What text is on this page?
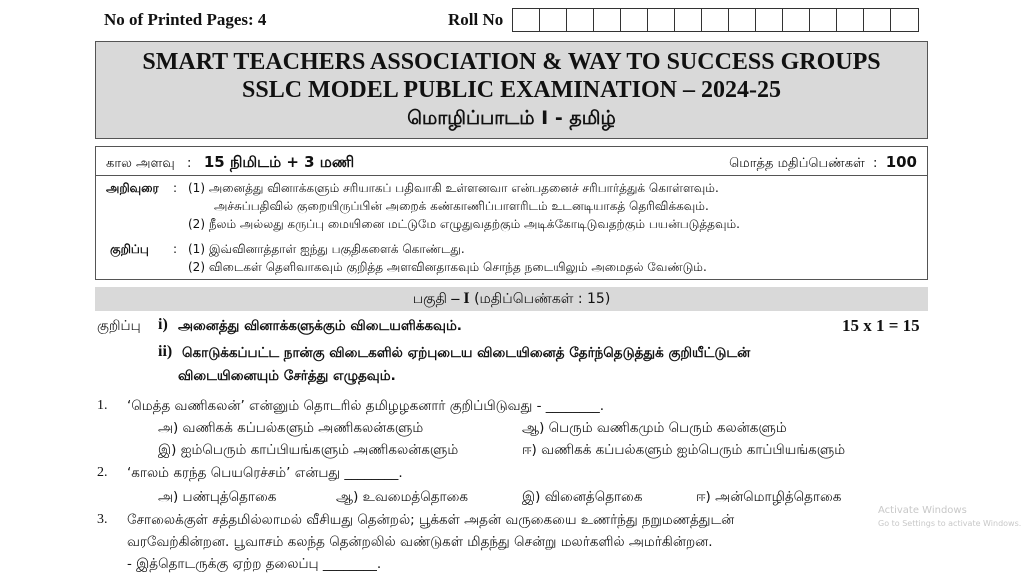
No of Printed Pages: 4	Roll No
SMART TEACHERS ASSOCIATION & WAY TO SUCCESS GROUPS
SSLC MODEL PUBLIC EXAMINATION – 2024-25
மொழிப்பாடம் I - தமிழ்
கால அளவு   :   15 நிமிடம் + 3 மணி	மொத்த மதிப்பெண்கள்  :  100
அறிவுரை : (1) அனைத்து வினாக்களும் சரியாகப் பதிவாகி உள்ளனவா என்பதனைச் சரிபார்த்துக் கொள்ளவும்.
அச்சுப்பதிவில் குறையிருப்பின் அறைக் கண்காணிப்பாளரிடம் உடனடியாகத் தெரிவிக்கவும்.
(2) நீலம் அல்லது கருப்பு மையினை மட்டுமே எழுதுவதற்கும் அடிக்கோடிடுவதற்கும் பயன்படுத்தவும்.
குறிப்பு : (1) இவ்வினாத்தாள் ஐந்து பகுதிகளைக் கொண்டது.
(2) விடைகள் தெளிவாகவும் குறித்த அளவினதாகவும் சொந்த நடையிலும் அமைதல் வேண்டும்.
பகுதி – I (மதிப்பெண்கள் : 15)
குறிப்பு i) அனைத்து வினாக்களுக்கும் விடையளிக்கவும்.	15 x 1 = 15
ii) கொடுக்கப்பட்ட நான்கு விடைகளில் ஏற்புடைய விடையினைத் தேர்ந்தெடுத்துக் குறியீட்டுடன்
விடையினையும் சேர்த்து எழுதவும்.
1. ‘மெத்த வணிகலன்’ என்னும் தொடரில் தமிழழகனார் குறிப்பிடுவது - ________.
அ) வணிகக் கப்பல்களும் அணிகலன்களும்	ஆ) பெரும் வணிகமும் பெரும் கலன்களும்
இ) ஐம்பெரும் காப்பியங்களும் அணிகலன்களும்	ஈ) வணிகக் கப்பல்களும் ஐம்பெரும் காப்பியங்களும்
2. ‘காலம் கரந்த பெயரெச்சம்’ என்பது ________.
அ) பண்புத்தொகை	ஆ) உவமைத்தொகை	இ) வினைத்தொகை	ஈ) அன்மொழித்தொகை
3. சோலைக்குள் சத்தமில்லாமல் வீசியது தென்றல்; பூக்கள் அதன் வருகையை உணர்ந்து நறுமணத்துடன்
வரவேற்கின்றன. பூவாசம் கலந்த தென்றலில் வண்டுகள் மிதந்து சென்று மலர்களில் அமர்கின்றன.
- இத்தொடருக்கு ஏற்ற தலைப்பு ________.
Activate Windows
Go to Settings to activate Windows.
